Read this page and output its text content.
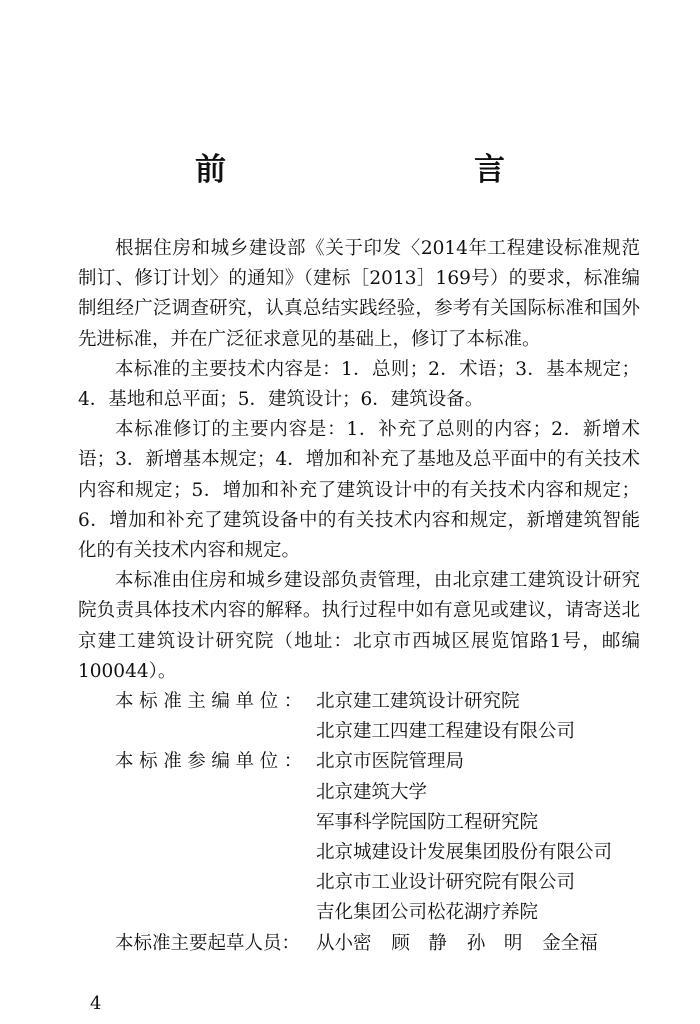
前　　言

根据住房和城乡建设部《关于印发〈2014年工程建设标准规范制订、修订计划〉的通知》（建标［2013］169号）的要求，标准编制组经广泛调查研究，认真总结实践经验，参考有关国际标准和国外先进标准，并在广泛征求意见的基础上，修订了本标准。

本标准的主要技术内容是：1．总则；2．术语；3．基本规定；4．基地和总平面；5．建筑设计；6．建筑设备。

本标准修订的主要内容是：1．补充了总则的内容；2．新增术语；3．新增基本规定；4．增加和补充了基地及总平面中的有关技术内容和规定；5．增加和补充了建筑设计中的有关技术内容和规定；6．增加和补充了建筑设备中的有关技术内容和规定，新增建筑智能化的有关技术内容和规定。

本标准由住房和城乡建设部负责管理，由北京建工建筑设计研究院负责具体技术内容的解释。执行过程中如有意见或建议，请寄送北京建工建筑设计研究院（地址：北京市西城区展览馆路1号，邮编100044）。

本标准主编单位： 北京建工建筑设计研究院
北京建工四建工程建设有限公司
本标准参编单位： 北京市医院管理局
北京建筑大学
军事科学院国防工程研究院
北京城建设计发展集团股份有限公司
北京市工业设计研究院有限公司
吉化集团公司松花湖疗养院
本标准主要起草人员： 从小密 顾　静 孙　明 金全福
4
